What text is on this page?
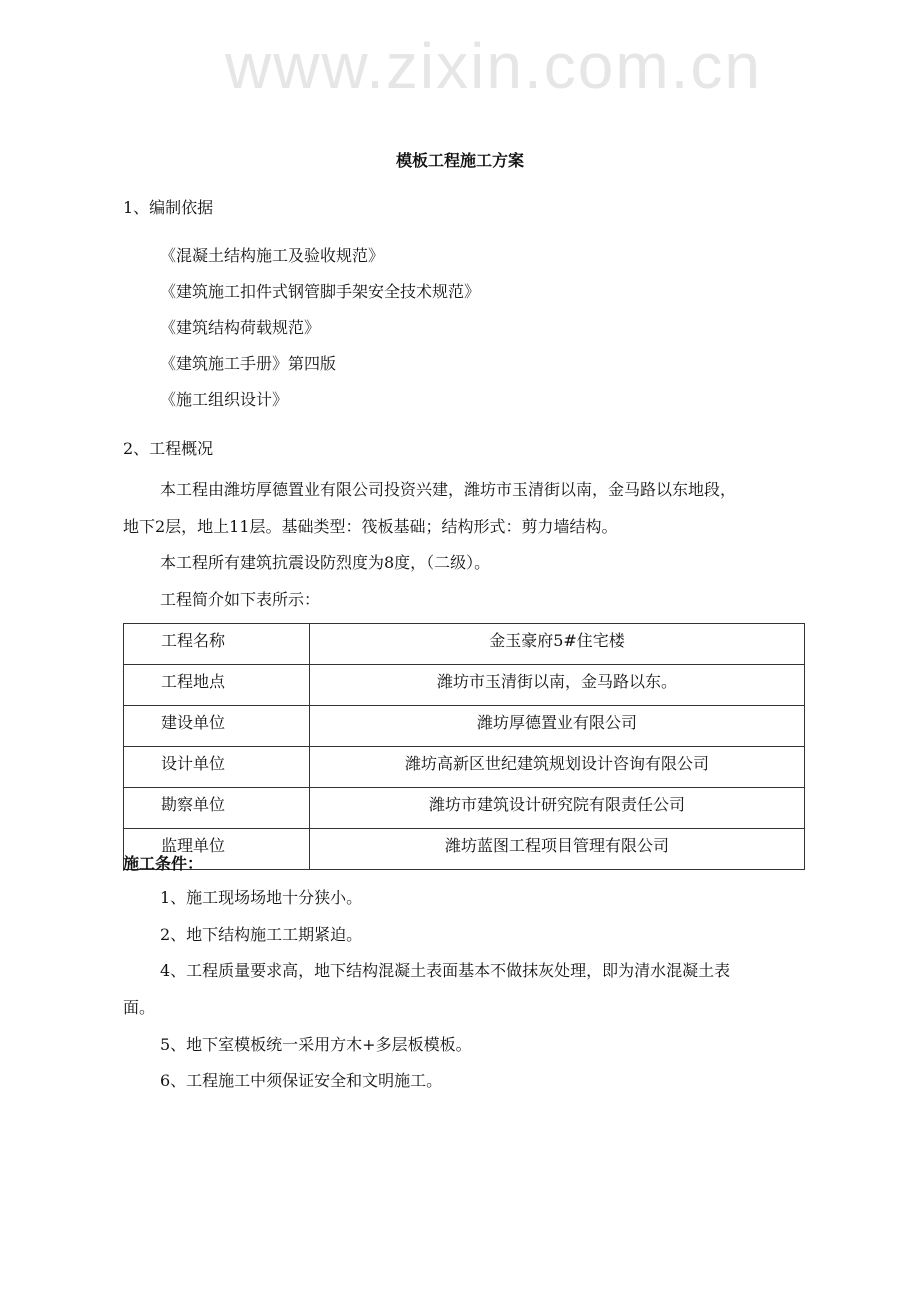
www.zixin.com.cn
模板工程施工方案
1、编制依据
《混凝土结构施工及验收规范》
《建筑施工扣件式钢管脚手架安全技术规范》
《建筑结构荷载规范》
《建筑施工手册》第四版
《施工组织设计》
2、工程概况
本工程由潍坊厚德置业有限公司投资兴建，潍坊市玉清街以南，金马路以东地段，
地下2层，地上11层。基础类型：筏板基础；结构形式：剪力墙结构。
本工程所有建筑抗震设防烈度为8度，（二级）。
工程简介如下表所示：
工程名称	金玉豪府5#住宅楼
工程地点	潍坊市玉清街以南，金马路以东。
建设单位	潍坊厚德置业有限公司
设计单位	潍坊高新区世纪建筑规划设计咨询有限公司
勘察单位	潍坊市建筑设计研究院有限责任公司
监理单位	潍坊蓝图工程项目管理有限公司
施工条件：
1、施工现场场地十分狭小。
2、地下结构施工工期紧迫。
4、工程质量要求高，地下结构混凝土表面基本不做抹灰处理，即为清水混凝土表
面。
5、地下室模板统一采用方木+多层板模板。
6、工程施工中须保证安全和文明施工。
